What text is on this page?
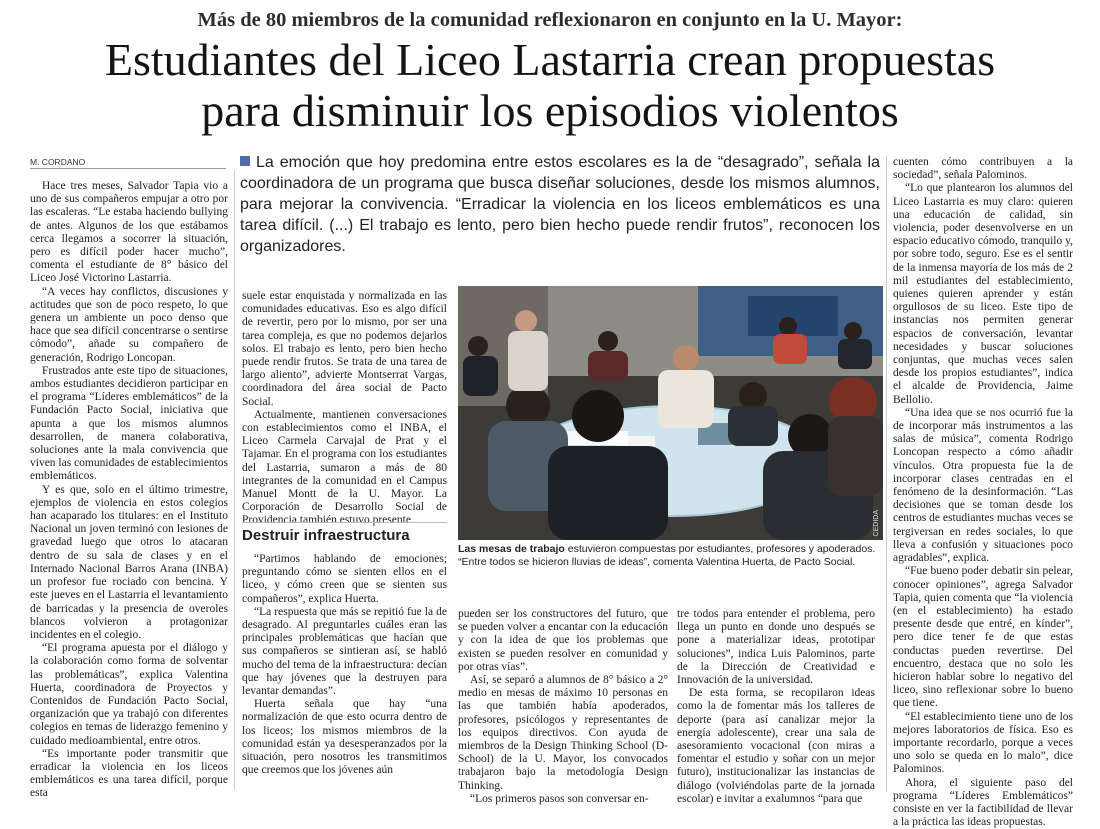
Más de 80 miembros de la comunidad reflexionaron en conjunto en la U. Mayor:
Estudiantes del Liceo Lastarria crean propuestas
para disminuir los episodios violentos
M. CORDANO

Hace tres meses, Salvador Tapia vio a uno de sus compañeros empujar a otro por las escaleras. “Le estaba haciendo bullying de antes. Algunos de los que estábamos cerca llegamos a socorrer la situación, pero es difícil poder hacer mucho”, comenta el estudiante de 8° básico del Liceo José Victorino Lastarria.

“A veces hay conflictos, discusiones y actitudes que son de poco respeto, lo que genera un ambiente un poco denso que hace que sea difícil concentrarse o sentirse cómodo”, añade su compañero de generación, Rodrigo Loncopan.

Frustrados ante este tipo de situaciones, ambos estudiantes decidieron participar en el programa “Líderes emblemáticos” de la Fundación Pacto Social, iniciativa que apunta a que los mismos alumnos desarrollen, de manera colaborativa, soluciones ante la mala convivencia que viven las comunidades de establecimientos emblemáticos.

Y es que, solo en el último trimestre, ejemplos de violencia en estos colegios han acaparado los titulares: en el Instituto Nacional un joven terminó con lesiones de gravedad luego que otros lo atacaran dentro de su sala de clases y en el Internado Nacional Barros Arana (INBA) un profesor fue rociado con bencina. Y este jueves en el Lastarria el levantamiento de barricadas y la presencia de overoles blancos volvieron a protagonizar incidentes en el colegio.

“El programa apuesta por el diálogo y la colaboración como forma de solventar las problemáticas”, explica Valentina Huerta, coordinadora de Proyectos y Contenidos de Fundación Pacto Social, organización que ya trabajó con diferentes colegios en temas de liderazgo femenino y cuidado medioambiental, entre otros.

“Es importante poder transmitir que erradicar la violencia en los liceos emblemáticos es una tarea difícil, porque esta

La emoción que hoy predomina entre estos escolares es la de “desagrado”, señala la coordinadora de un programa que busca diseñar soluciones, desde los mismos alumnos, para mejorar la convivencia. “Erradicar la violencia en los liceos emblemáticos es una tarea difícil. (...) El trabajo es lento, pero bien hecho puede rendir frutos”, reconocen los organizadores.

suele estar enquistada y normalizada en las comunidades educativas. Eso es algo difícil de revertir, pero por lo mismo, por ser una tarea compleja, es que no podemos dejarlos solos. El trabajo es lento, pero bien hecho puede rendir frutos. Se trata de una tarea de largo aliento”, advierte Montserrat Vargas, coordinadora del área social de Pacto Social.

Actualmente, mantienen conversaciones con establecimientos como el INBA, el Liceo Carmela Carvajal de Prat y el Tajamar. En el programa con los estudiantes del Lastarria, sumaron a más de 80 integrantes de la comunidad en el Campus Manuel Montt de la U. Mayor. La Corporación de Desarrollo Social de Providencia también estuvo presente.

Destruir infraestructura

“Partimos hablando de emociones; preguntando cómo se sienten ellos en el liceo, y cómo creen que se sienten sus compañeros”, explica Huerta.

“La respuesta que más se repitió fue la de desagrado. Al preguntarles cuáles eran las principales problemáticas que hacían que sus compañeros se sintieran así, se habló mucho del tema de la infraestructura: decían que hay jóvenes que la destruyen para levantar demandas”.

Huerta señala que hay “una normalización de que esto ocurra dentro de los liceos; los mismos miembros de la comunidad están ya desesperanzados por la situación, pero nosotros les transmitimos que creemos que los jóvenes aún

CEDIDA
Las mesas de trabajo estuvieron compuestas por estudiantes, profesores y apoderados.
“Entre todos se hicieron lluvias de ideas”, comenta Valentina Huerta, de Pacto Social.

pueden ser los constructores del futuro, que se pueden volver a encantar con la educación y con la idea de que los problemas que existen se pueden resolver en comunidad y por otras vías”.

Así, se separó a alumnos de 8° básico a 2° medio en mesas de máximo 10 personas en las que también había apoderados, profesores, psicólogos y representantes de los equipos directivos. Con ayuda de miembros de la Design Thinking School (D-School) de la U. Mayor, los convocados trabajaron bajo la metodología Design Thinking.

“Los primeros pasos son conversar en-

tre todos para entender el problema, pero llega un punto en donde uno después se pone a materializar ideas, prototipar soluciones”, indica Luis Palominos, parte de la Dirección de Creatividad e Innovación de la universidad.

De esta forma, se recopilaron ideas como la de fomentar más los talleres de deporte (para así canalizar mejor la energía adolescente), crear una sala de asesoramiento vocacional (con miras a fomentar el estudio y soñar con un mejor futuro), institucionalizar las instancias de diálogo (volviéndolas parte de la jornada escolar) e invitar a exalumnos “para que

cuenten cómo contribuyen a la sociedad”, señala Palominos.

“Lo que plantearon los alumnos del Liceo Lastarria es muy claro: quieren una educación de calidad, sin violencia, poder desenvolverse en un espacio educativo cómodo, tranquilo y, por sobre todo, seguro. Ese es el sentir de la inmensa mayoría de los más de 2 mil estudiantes del establecimiento, quienes quieren aprender y están orgullosos de su liceo. Este tipo de instancias nos permiten generar espacios de conversación, levantar necesidades y buscar soluciones conjuntas, que muchas veces salen desde los propios estudiantes”, indica el alcalde de Providencia, Jaime Bellolio.

“Una idea que se nos ocurrió fue la de incorporar más instrumentos a las salas de música”, comenta Rodrigo Loncopan respecto a cómo añadir vínculos. Otra propuesta fue la de incorporar clases centradas en el fenómeno de la desinformación. “Las decisiones que se toman desde los centros de estudiantes muchas veces se tergiversan en redes sociales, lo que lleva a confusión y situaciones poco agradables”, explica.

“Fue bueno poder debatir sin pelear, conocer opiniones”, agrega Salvador Tapia, quien comenta que “la violencia (en el establecimiento) ha estado presente desde que entré, en kínder”, pero dice tener fe de que estas conductas pueden revertirse. Del encuentro, destaca que no solo les hicieron hablar sobre lo negativo del liceo, sino reflexionar sobre lo bueno que tiene.

“El establecimiento tiene uno de los mejores laboratorios de física. Eso es importante recordarlo, porque a veces uno solo se queda en lo malo”, dice Palominos.

Ahora, el siguiente paso del programa “Líderes Emblemáticos” consiste en ver la factibilidad de llevar a la práctica las ideas propuestas.
